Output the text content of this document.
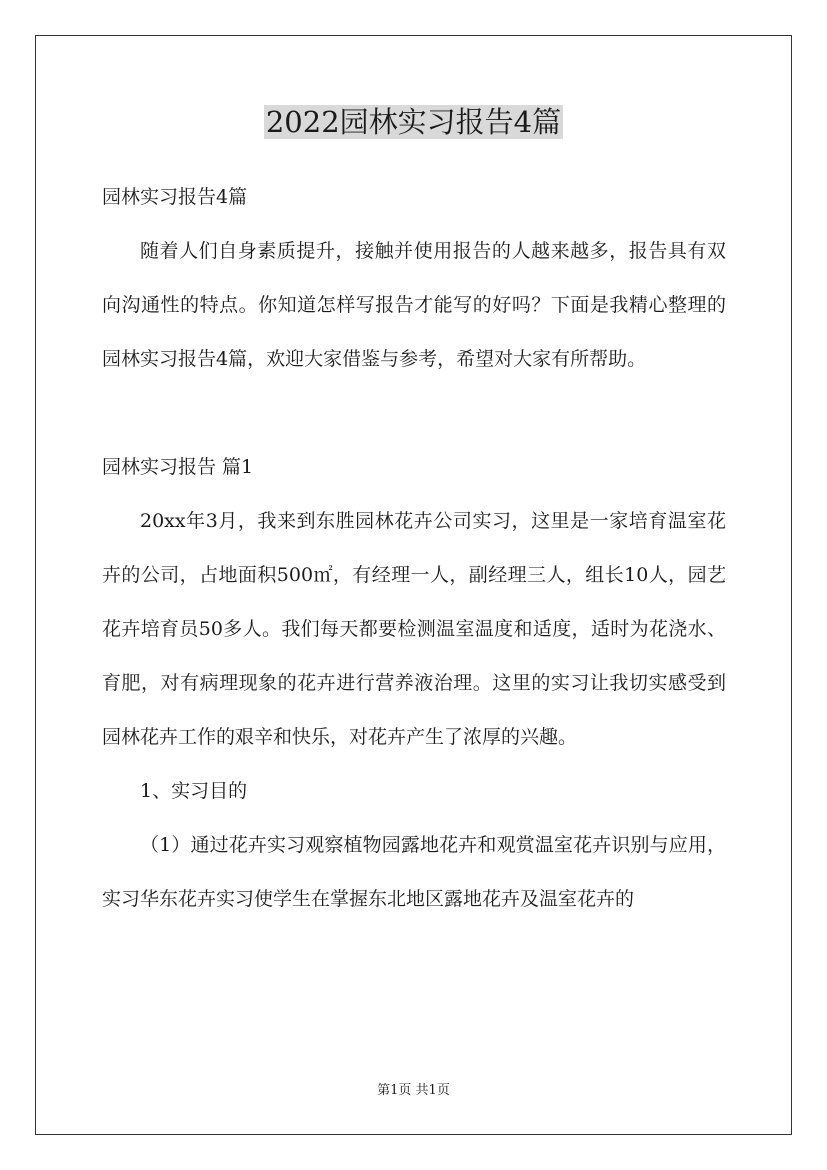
2022园林实习报告4篇

园林实习报告4篇

随着人们自身素质提升，接触并使用报告的人越来越多，报告具有双向沟通性的特点。你知道怎样写报告才能写的好吗？下面是我精心整理的园林实习报告4篇，欢迎大家借鉴与参考，希望对大家有所帮助。

园林实习报告 篇1

20xx年3月，我来到东胜园林花卉公司实习，这里是一家培育温室花卉的公司，占地面积500㎡，有经理一人，副经理三人，组长10人，园艺花卉培育员50多人。我们每天都要检测温室温度和适度，适时为花浇水、育肥，对有病理现象的花卉进行营养液治理。这里的实习让我切实感受到园林花卉工作的艰辛和快乐，对花卉产生了浓厚的兴趣。

1、实习目的

（1）通过花卉实习观察植物园露地花卉和观赏温室花卉识别与应用，实习华东花卉实习使学生在掌握东北地区露地花卉及温室花卉的

第1页 共1页
